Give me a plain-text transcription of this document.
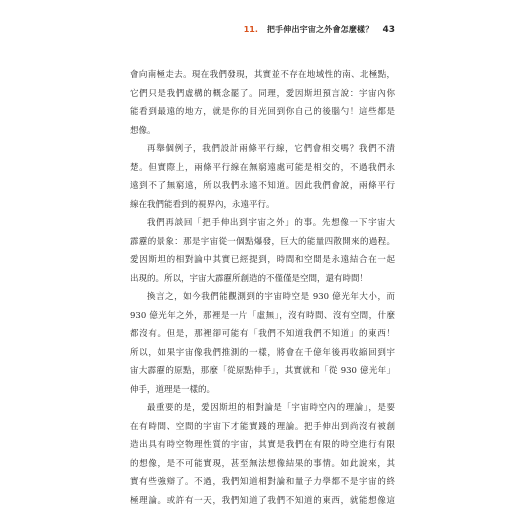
11. 把手伸出宇宙之外會怎麼樣？ 43
會向南極走去。現在我們發現，其實並不存在地域性的南、北極點，
它們只是我們虛構的概念罷了。同理，愛因斯坦預言說：宇宙內你
能看到最遠的地方，就是你的目光回到你自己的後腦勺！這些都是
想像。
再舉個例子，我們設計兩條平行線，它們會相交嗎？我們不清
楚。但實際上，兩條平行線在無窮遠處可能是相交的，不過我們永
遠到不了無窮遠，所以我們永遠不知道。因此我們會說，兩條平行
線在我們能看到的視界內，永遠平行。
我們再談回「把手伸出到宇宙之外」的事。先想像一下宇宙大
霹靂的景象：那是宇宙從一個點爆發，巨大的能量四散開來的過程。
愛因斯坦的相對論中其實已經提到，時間和空間是永遠結合在一起
出現的。所以，宇宙大霹靂所創造的不僅僅是空間，還有時間！
換言之，如今我們能觀測到的宇宙時空是 930 億光年大小，而
930 億光年之外，那裡是一片「虛無」，沒有時間、沒有空間，什麼
都沒有。但是，那裡卻可能有「我們不知道我們不知道」的東西！
所以，如果宇宙像我們推測的一樣，將會在千億年後再收縮回到宇
宙大霹靂的原點，那麼「從原點伸手」，其實就和「從 930 億光年」
伸手，道理是一樣的。
最重要的是，愛因斯坦的相對論是「宇宙時空內的理論」，是要
在有時間、空間的宇宙下才能實踐的理論。把手伸出到尚沒有被創
造出具有時空物理性質的宇宙，其實是我們在有限的時空進行有限
的想像，是不可能實現，甚至無法想像結果的事情。如此說來，其
實有些強辯了。不過，我們知道相對論和量子力學都不是宇宙的終
極理論。或許有一天，我們知道了我們不知道的東西，就能想像這
